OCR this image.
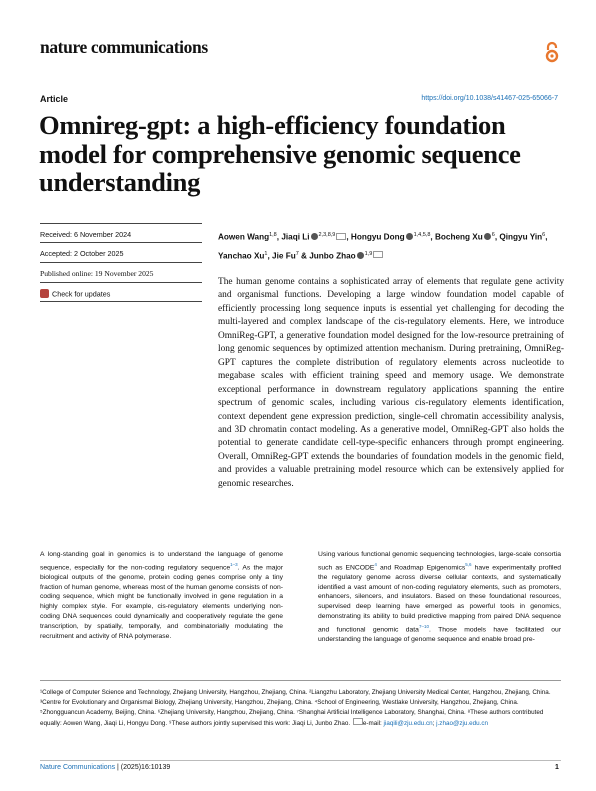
nature communications
Article	https://doi.org/10.1038/s41467-025-65066-7
Omnireg-gpt: a high-efficiency foundation model for comprehensive genomic sequence understanding
Received: 6 November 2024
Accepted: 2 October 2025
Published online: 19 November 2025
Check for updates
Aowen Wang$^{1,8}$, Jiaqi Li $^{2,3,8,9}$ , Hongyu Dong $^{1,4,5,8}$, Bocheng Xu $^6$, Qingyu Yin$^6$, Yanchao Xu$^1$, Jie Fu$^7$ & Junbo Zhao $^{1,9}$
The human genome contains a sophisticated array of elements that regulate gene activity and organismal functions. Developing a large window foundation model capable of efficiently processing long sequence inputs is essential yet challenging for decoding the multi-layered and complex landscape of the cis-regulatory elements. Here, we introduce OmniReg-GPT, a generative foundation model designed for the low-resource pretraining of long genomic sequences by optimized attention mechanism. During pretraining, OmniReg-GPT captures the complete distribution of regulatory elements across nucleotide to megabase scales with efficient training speed and memory usage. We demonstrate exceptional performance in downstream regulatory applications spanning the entire spectrum of genomic scales, including various cis-regulatory elements identification, context dependent gene expression prediction, single-cell chromatin accessibility analysis, and 3D chromatin contact modeling. As a generative model, OmniReg-GPT also holds the potential to generate candidate cell-type-specific enhancers through prompt engineering. Overall, OmniReg-GPT extends the boundaries of foundation models in the genomic field, and provides a valuable pretraining model resource which can be extensively applied for genomic researches.
A long-standing goal in genomics is to understand the language of genome sequence, especially for the non-coding regulatory sequence$^{1-3}$. As the major biological outputs of the genome, protein coding genes comprise only a tiny fraction of human genome, whereas most of the human genome consists of non-coding sequence, which might be functionally involved in gene regulation in a highly complex style. For example, cis-regulatory elements underlying non-coding DNA sequences could dynamically and cooperatively regulate the gene transcription, by spatially, temporally, and combinatorially modulating the recruitment and activity of RNA polymerase.
Using various functional genomic sequencing technologies, large-scale consortia such as ENCODE$^4$ and Roadmap Epigenomics$^{5,6}$ have experimentally profiled the regulatory genome across diverse cellular contexts, and systematically identified a vast amount of non-coding regulatory elements, such as promoters, enhancers, silencers, and insulators. Based on these foundational resources, supervised deep learning have emerged as powerful tools in genomics, demonstrating its ability to build predictive mapping from paired DNA sequence and functional genomic data$^{7-10}$. Those models have facilitated our understanding the language of genome sequence and enable broad pre-
¹College of Computer Science and Technology, Zhejiang University, Hangzhou, Zhejiang, China. ²Liangzhu Laboratory, Zhejiang University Medical Center, Hangzhou, Zhejiang, China. ³Centre for Evolutionary and Organismal Biology, Zhejiang University, Hangzhou, Zhejiang, China. ⁴School of Engineering, Westlake University, Hangzhou, Zhejiang, China. ⁵Zhongguancun Academy, Beijing, China. ⁶Zhejiang University, Hangzhou, Zhejiang, China. ⁷Shanghai Artificial Intelligence Laboratory, Shanghai, China. ⁸These authors contributed equally: Aowen Wang, Jiaqi Li, Hongyu Dong. ⁹These authors jointly supervised this work: Jiaqi Li, Junbo Zhao. e-mail: jiaqili@zju.edu.cn; j.zhao@zju.edu.cn
Nature Communications | (2025)16:10139	1
